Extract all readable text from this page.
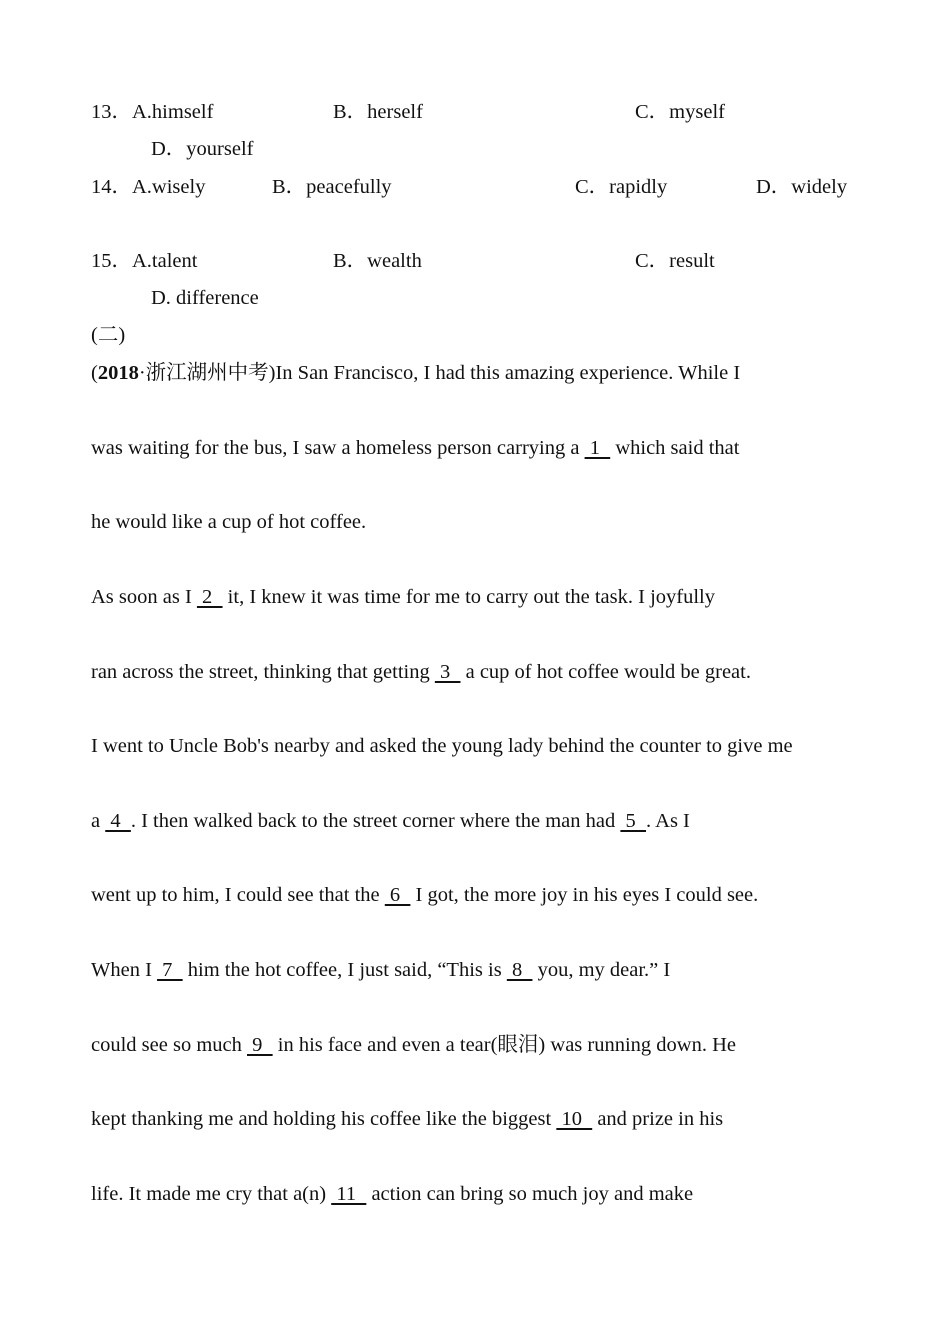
13．A.himself	B．herself	C．myself
D．yourself
14．A.wisely	B．peacefully	C．rapidly	D．widely
15．A.talent	B．wealth	C．result
D. difference
(二)
(2018·浙江湖州中考)In San Francisco, I had this amazing experience. While I
was waiting for the bus, I saw a homeless person carrying a  1   which said that
he would like a cup of hot coffee.
As soon as I  2   it, I knew it was time for me to carry out the task. I joyfully
ran across the street, thinking that getting  3   a cup of hot coffee would be great.
I went to Uncle Bob's nearby and asked the young lady behind the counter to give me
a  4  . I then walked back to the street corner where the man had  5  . As I
went up to him, I could see that the  6   I got, the more joy in his eyes I could see.
When I  7   him the hot coffee, I just said, “This is  8   you, my dear.” I
could see so much  9   in his face and even a tear(眼泪) was running down. He
kept thanking me and holding his coffee like the biggest  10   and prize in his
life. It made me cry that a(n)  11   action can bring so much joy and make
